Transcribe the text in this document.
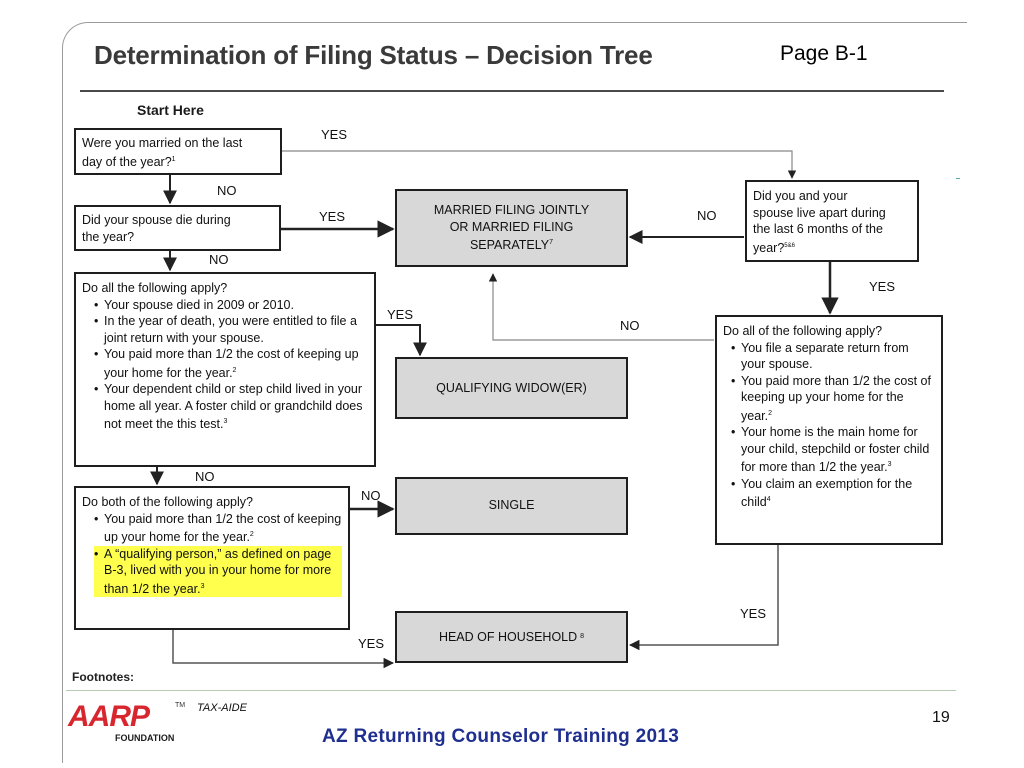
Determination of Filing Status – Decision Tree	Page B-1
Start Here
Were you married on the last
day of the year?$^1$
Did your spouse die during
the year?
Do all the following apply?
• Your spouse died in 2009 or 2010.
• In the year of death, you were entitled to file a joint return with your spouse.
• You paid more than 1/2 the cost of keeping up your home for the year.$^2$
• Your dependent child or step child lived in your home all year. A foster child or grandchild does not meet the this test.$^3$
Do both of the following apply?
• You paid more than 1/2 the cost of keeping up your home for the year.$^2$
• A “qualifying person,” as defined on page B-3, lived with you in your home for more than 1/2 the year.$^3$
Did you and your
spouse live apart during
the last 6 months of the
year?$^{5\&6}$
Do all of the following apply?
• You file a separate return from your spouse.
• You paid more than 1/2 the cost of keeping up your home for the year.$^2$
• Your home is the main home for your child, stepchild or foster child for more than 1/2 the year.$^3$
• You claim an exemption for the child$^4$
MARRIED FILING JOINTLY
OR MARRIED FILING
SEPARATELY$^7$
QUALIFYING WIDOW(ER)
SINGLE
HEAD OF HOUSEHOLD 8
YES
NO
YES
NO
YES
NO
NO
YES
NO
YES
NO
YES
Footnotes:
AARP	TM TAX-AIDE
FOUNDATION	AZ Returning Counselor Training 2013
19
